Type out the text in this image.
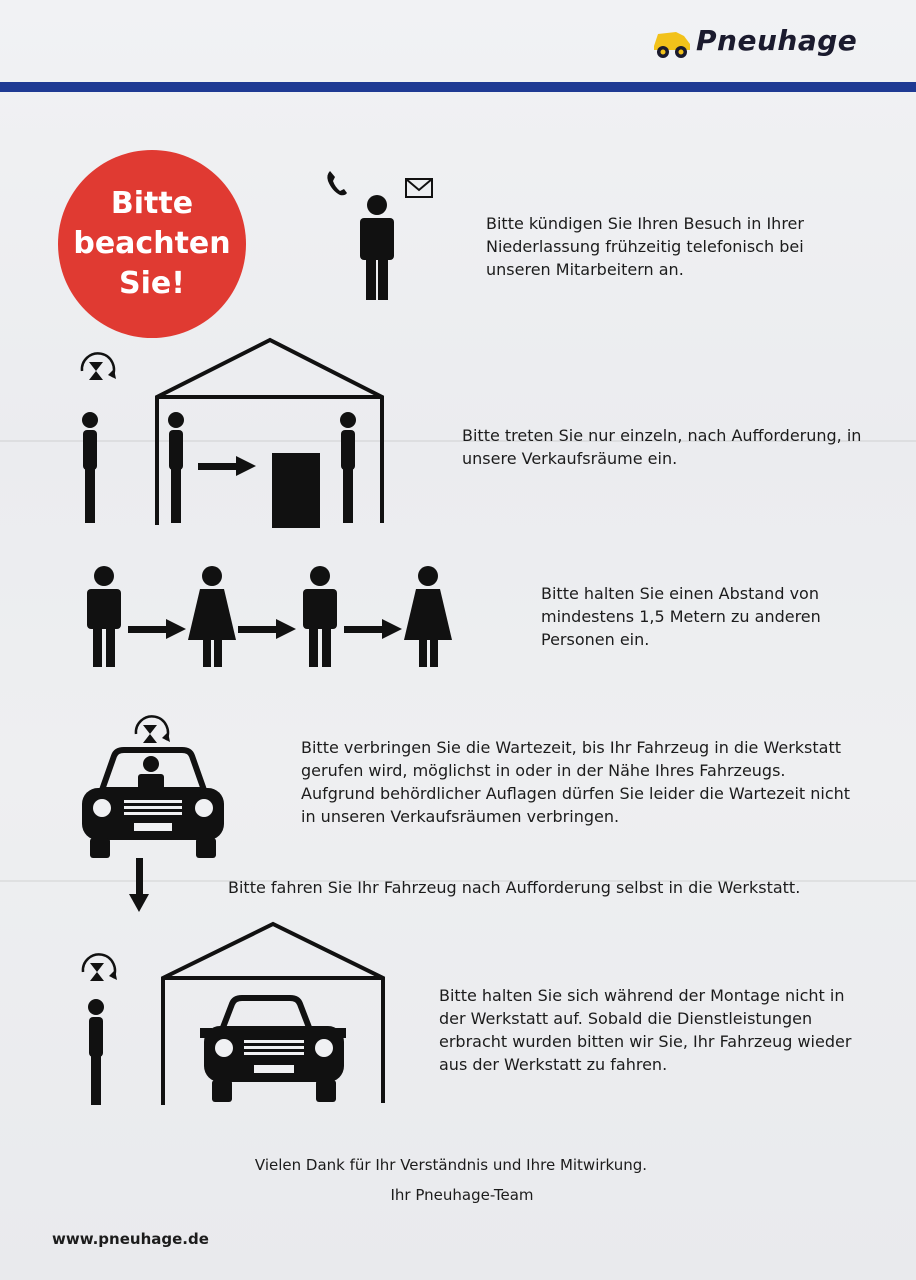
Pneuhage
Bitte
beachten
Sie!
Bitte kündigen Sie Ihren Besuch in Ihrer Niederlassung frühzeitig telefonisch bei unseren Mitarbeitern an.
Bitte treten Sie nur einzeln, nach Aufforderung, in unsere Verkaufsräume ein.
Bitte halten Sie einen Abstand von mindestens 1,5 Metern zu anderen Personen ein.
Bitte verbringen Sie die Wartezeit, bis Ihr Fahrzeug in die Werkstatt gerufen wird, möglichst in oder in der Nähe Ihres Fahrzeugs. Aufgrund behördlicher Auflagen dürfen Sie leider die Wartezeit nicht in unseren Verkaufsräumen verbringen.
Bitte fahren Sie Ihr Fahrzeug nach Aufforderung selbst in die Werkstatt.
Bitte halten Sie sich während der Montage nicht in der Werkstatt auf. Sobald die Dienstleistungen erbracht wurden bitten wir Sie, Ihr Fahrzeug wieder aus der Werkstatt zu fahren.
Vielen Dank für Ihr Verständnis und Ihre Mitwirkung.
Ihr Pneuhage-Team
www.pneuhage.de
